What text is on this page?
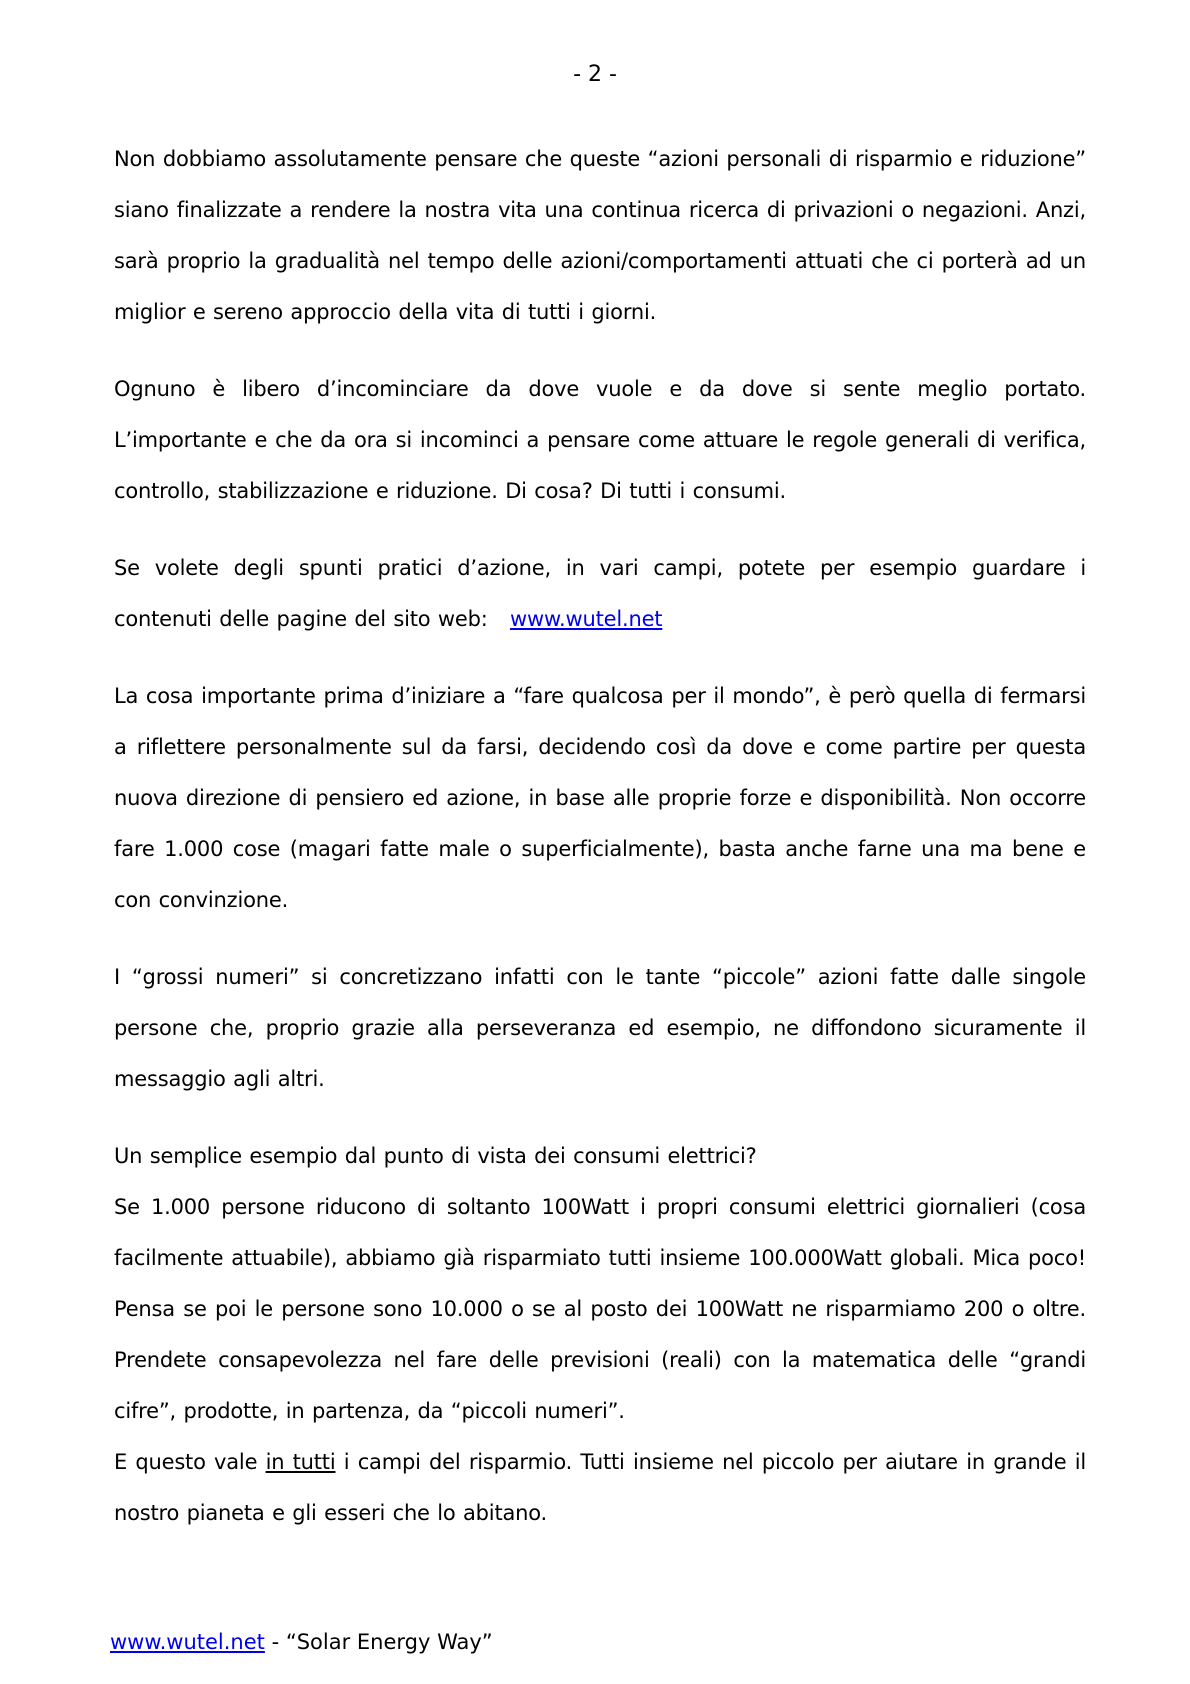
- 2 -

Non dobbiamo assolutamente pensare che queste “azioni personali di risparmio e riduzione” siano finalizzate a rendere la nostra vita una continua ricerca di privazioni o negazioni. Anzi, sarà proprio la gradualità nel tempo delle azioni/comportamenti attuati che ci porterà ad un miglior e sereno approccio della vita di tutti i giorni.

Ognuno è libero d’incominciare da dove vuole e da dove si sente meglio portato. L’importante e che da ora si incominci a pensare come attuare le regole generali di verifica, controllo, stabilizzazione e riduzione. Di cosa? Di tutti i consumi.

Se volete degli spunti pratici d’azione, in vari campi, potete per esempio guardare i contenuti delle pagine del sito web: www.wutel.net

La cosa importante prima d’iniziare a “fare qualcosa per il mondo”, è però quella di fermarsi a riflettere personalmente sul da farsi, decidendo così da dove e come partire per questa nuova direzione di pensiero ed azione, in base alle proprie forze e disponibilità. Non occorre fare 1.000 cose (magari fatte male o superficialmente), basta anche farne una ma bene e con convinzione.

I “grossi numeri” si concretizzano infatti con le tante “piccole” azioni fatte dalle singole persone che, proprio grazie alla perseveranza ed esempio, ne diffondono sicuramente il messaggio agli altri.

Un semplice esempio dal punto di vista dei consumi elettrici?

Se 1.000 persone riducono di soltanto 100Watt i propri consumi elettrici giornalieri (cosa facilmente attuabile), abbiamo già risparmiato tutti insieme 100.000Watt globali. Mica poco! Pensa se poi le persone sono 10.000 o se al posto dei 100Watt ne risparmiamo 200 o oltre. Prendete consapevolezza nel fare delle previsioni (reali) con la matematica delle “grandi cifre”, prodotte, in partenza, da “piccoli numeri”.

E questo vale in tutti i campi del risparmio. Tutti insieme nel piccolo per aiutare in grande il nostro pianeta e gli esseri che lo abitano.

www.wutel.net - “Solar Energy Way”
